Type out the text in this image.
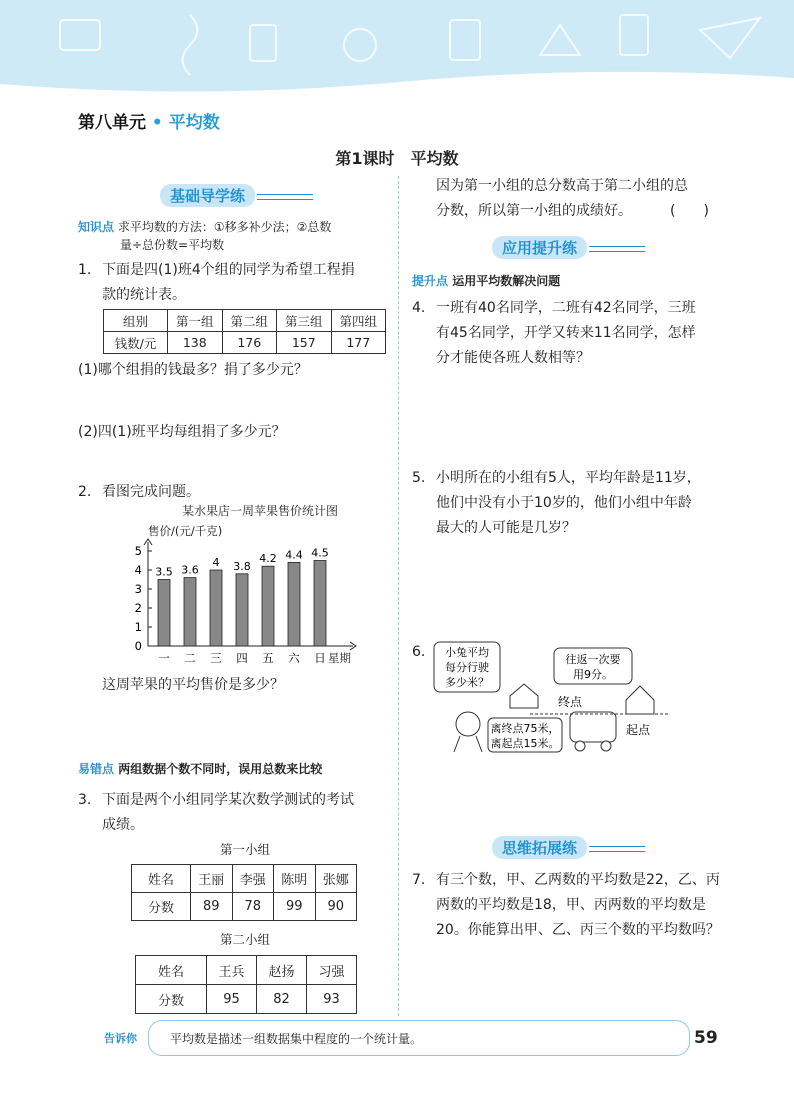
第八单元 • 平均数
第1课时　平均数
基础导学练
知识点 求平均数的方法：①移多补少法；②总数
量÷总份数=平均数
1. 下面是四(1)班4个组的同学为希望工程捐
款的统计表。
组别	第一组	第二组	第三组	第四组
钱数/元	138	176	157	177
(1)哪个组捐的钱最多？捐了多少元？
(2)四(1)班平均每组捐了多少元？
2. 看图完成问题。
某水果店一周苹果售价统计图
售价/(元/千克)
0
1
2
3
4
5
3.5 3.6
4 3.8
4.2 4.4 4.5
一 二 三 四 五 六 日 星期
这周苹果的平均售价是多少？
易错点 两组数据个数不同时，误用总数来比较
3. 下面是两个小组同学某次数学测试的考试
成绩。
第一小组
姓名	王丽	李强	陈明	张娜
分数	89	78	99	90
第二小组
姓名	王兵	赵扬	习强
分数	95	82	93
因为第一小组的总分数高于第二小组的总
分数，所以第一小组的成绩好。	(　　)
应用提升练
提升点 运用平均数解决问题
4. 一班有40名同学，二班有42名同学，三班
有45名同学，开学又转来11名同学，怎样
分才能使各班人数相等？
5. 小明所在的小组有5人，平均年龄是11岁，
他们中没有小于10岁的，他们小组中年龄
最大的人可能是几岁？
6. 小兔平均
每分行驶
多少米？
往返一次要
用9分。
离终点75米，
离起点15米。
终点
起点
思维拓展练
7. 有三个数，甲、乙两数的平均数是22，乙、丙
两数的平均数是18，甲、丙两数的平均数是
20。你能算出甲、乙、丙三个数的平均数吗？
告诉你	平均数是描述一组数据集中程度的一个统计量。	59
